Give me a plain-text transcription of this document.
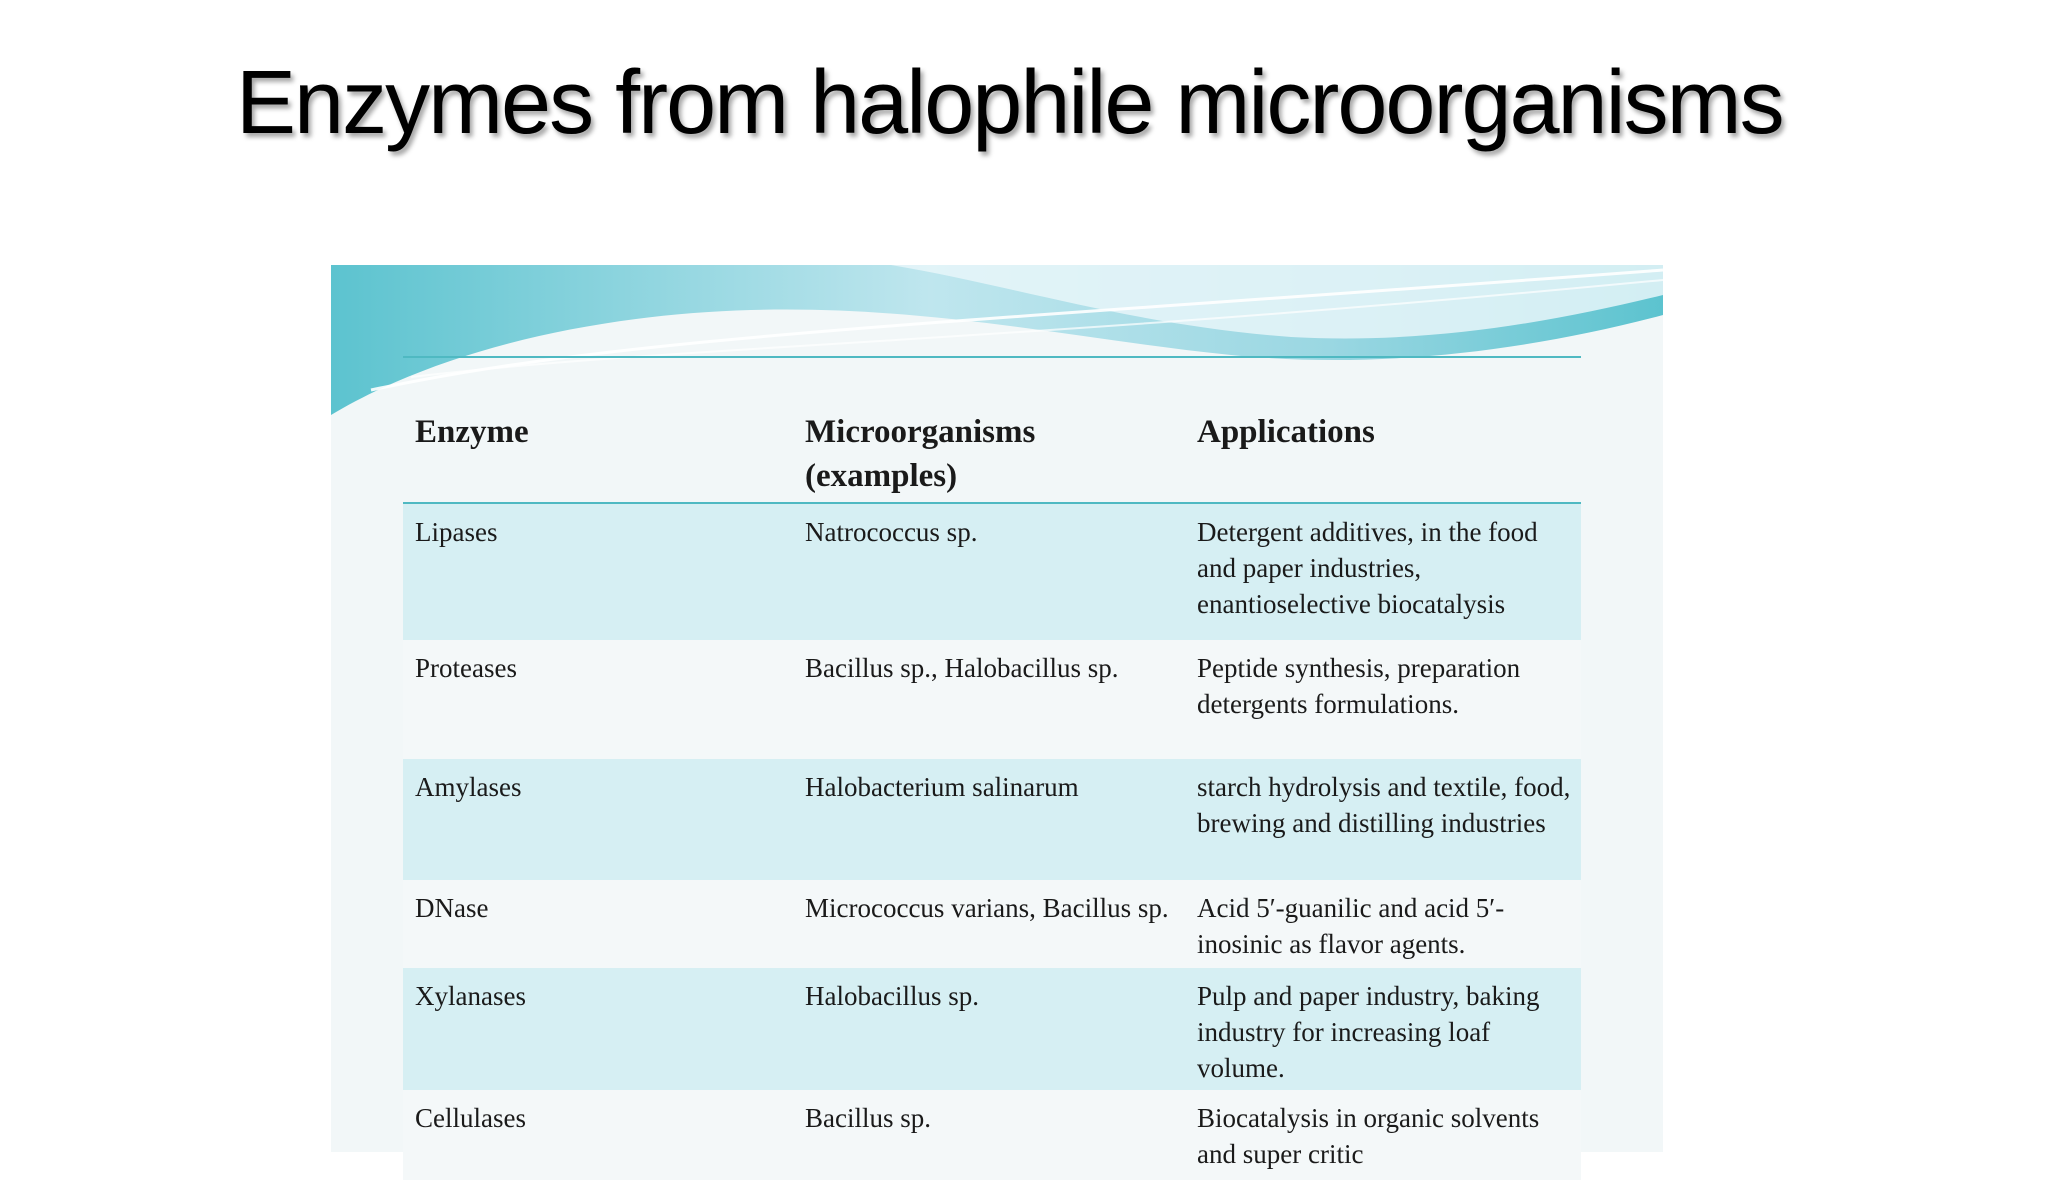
Enzymes from halophile microorganisms
Enzyme	Microorganisms (examples)	Applications
Lipases	Natrococcus sp.	Detergent additives, in the food and paper industries, enantioselective biocatalysis
Proteases	Bacillus sp., Halobacillus sp.	Peptide synthesis, preparation detergents formulations.
Amylases	Halobacterium salinarum	starch hydrolysis and textile, food, brewing and distilling industries
DNase	Micrococcus varians, Bacillus sp.	Acid 5′-guanilic and acid 5′-inosinic as flavor agents.
Xylanases	Halobacillus sp.	Pulp and paper industry, baking industry for increasing loaf volume.
Cellulases	Bacillus sp.	Biocatalysis in organic solvents and super critic
